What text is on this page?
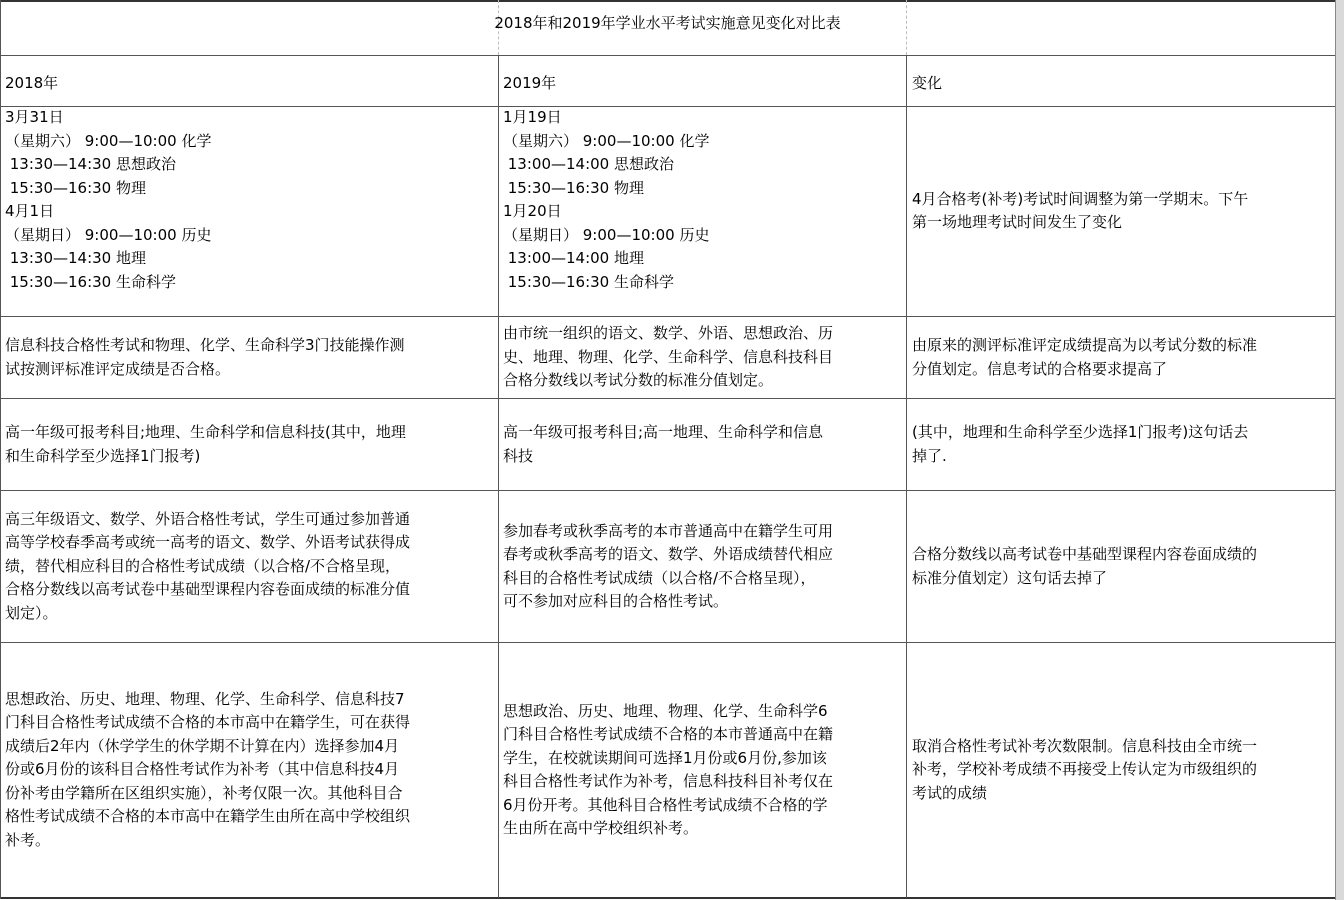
2018年和2019年学业水平考试实施意见变化对比表
2018年	2019年	变化
3月31日
（星期六） 9:00—10:00 化学
13:30—14:30 思想政治
15:30—16:30 物理
4月1日
（星期日） 9:00—10:00 历史
13:30—14:30 地理
15:30—16:30 生命科学
1月19日
（星期六） 9:00—10:00 化学
13:00—14:00 思想政治
15:30—16:30 物理
1月20日
（星期日） 9:00—10:00 历史
13:00—14:00 地理
15:30—16:30 生命科学
4月合格考(补考)考试时间调整为第一学期末。下午
第一场地理考试时间发生了变化
信息科技合格性考试和物理、化学、生命科学3门技能操作测
试按测评标准评定成绩是否合格。
由市统一组织的语文、数学、外语、思想政治、历
史、地理、物理、化学、生命科学、信息科技科目
合格分数线以考试分数的标准分值划定。
由原来的测评标准评定成绩提高为以考试分数的标准
分值划定。信息考试的合格要求提高了
高一年级可报考科目;地理、生命科学和信息科技(其中，地理
和生命科学至少选择1门报考)
高一年级可报考科目;高一地理、生命科学和信息
科技
(其中，地理和生命科学至少选择1门报考)这句话去
掉了.
高三年级语文、数学、外语合格性考试，学生可通过参加普通
高等学校春季高考或统一高考的语文、数学、外语考试获得成
绩，替代相应科目的合格性考试成绩（以合格/不合格呈现，
合格分数线以高考试卷中基础型课程内容卷面成绩的标准分值
划定）。
参加春考或秋季高考的本市普通高中在籍学生可用
春考或秋季高考的语文、数学、外语成绩替代相应
科目的合格性考试成绩（以合格/不合格呈现），
可不参加对应科目的合格性考试。
合格分数线以高考试卷中基础型课程内容卷面成绩的
标准分值划定）这句话去掉了
思想政治、历史、地理、物理、化学、生命科学、信息科技7
门科目合格性考试成绩不合格的本市高中在籍学生，可在获得
成绩后2年内（休学学生的休学期不计算在内）选择参加4月
份或6月份的该科目合格性考试作为补考（其中信息科技4月
份补考由学籍所在区组织实施），补考仅限一次。其他科目合
格性考试成绩不合格的本市高中在籍学生由所在高中学校组织
补考。
思想政治、历史、地理、物理、化学、生命科学6
门科目合格性考试成绩不合格的本市普通高中在籍
学生，在校就读期间可选择1月份或6月份,参加该
科目合格性考试作为补考，信息科技科目补考仅在
6月份开考。其他科目合格性考试成绩不合格的学
生由所在高中学校组织补考。
取消合格性考试补考次数限制。信息科技由全市统一
补考，学校补考成绩不再接受上传认定为市级组织的
考试的成绩
